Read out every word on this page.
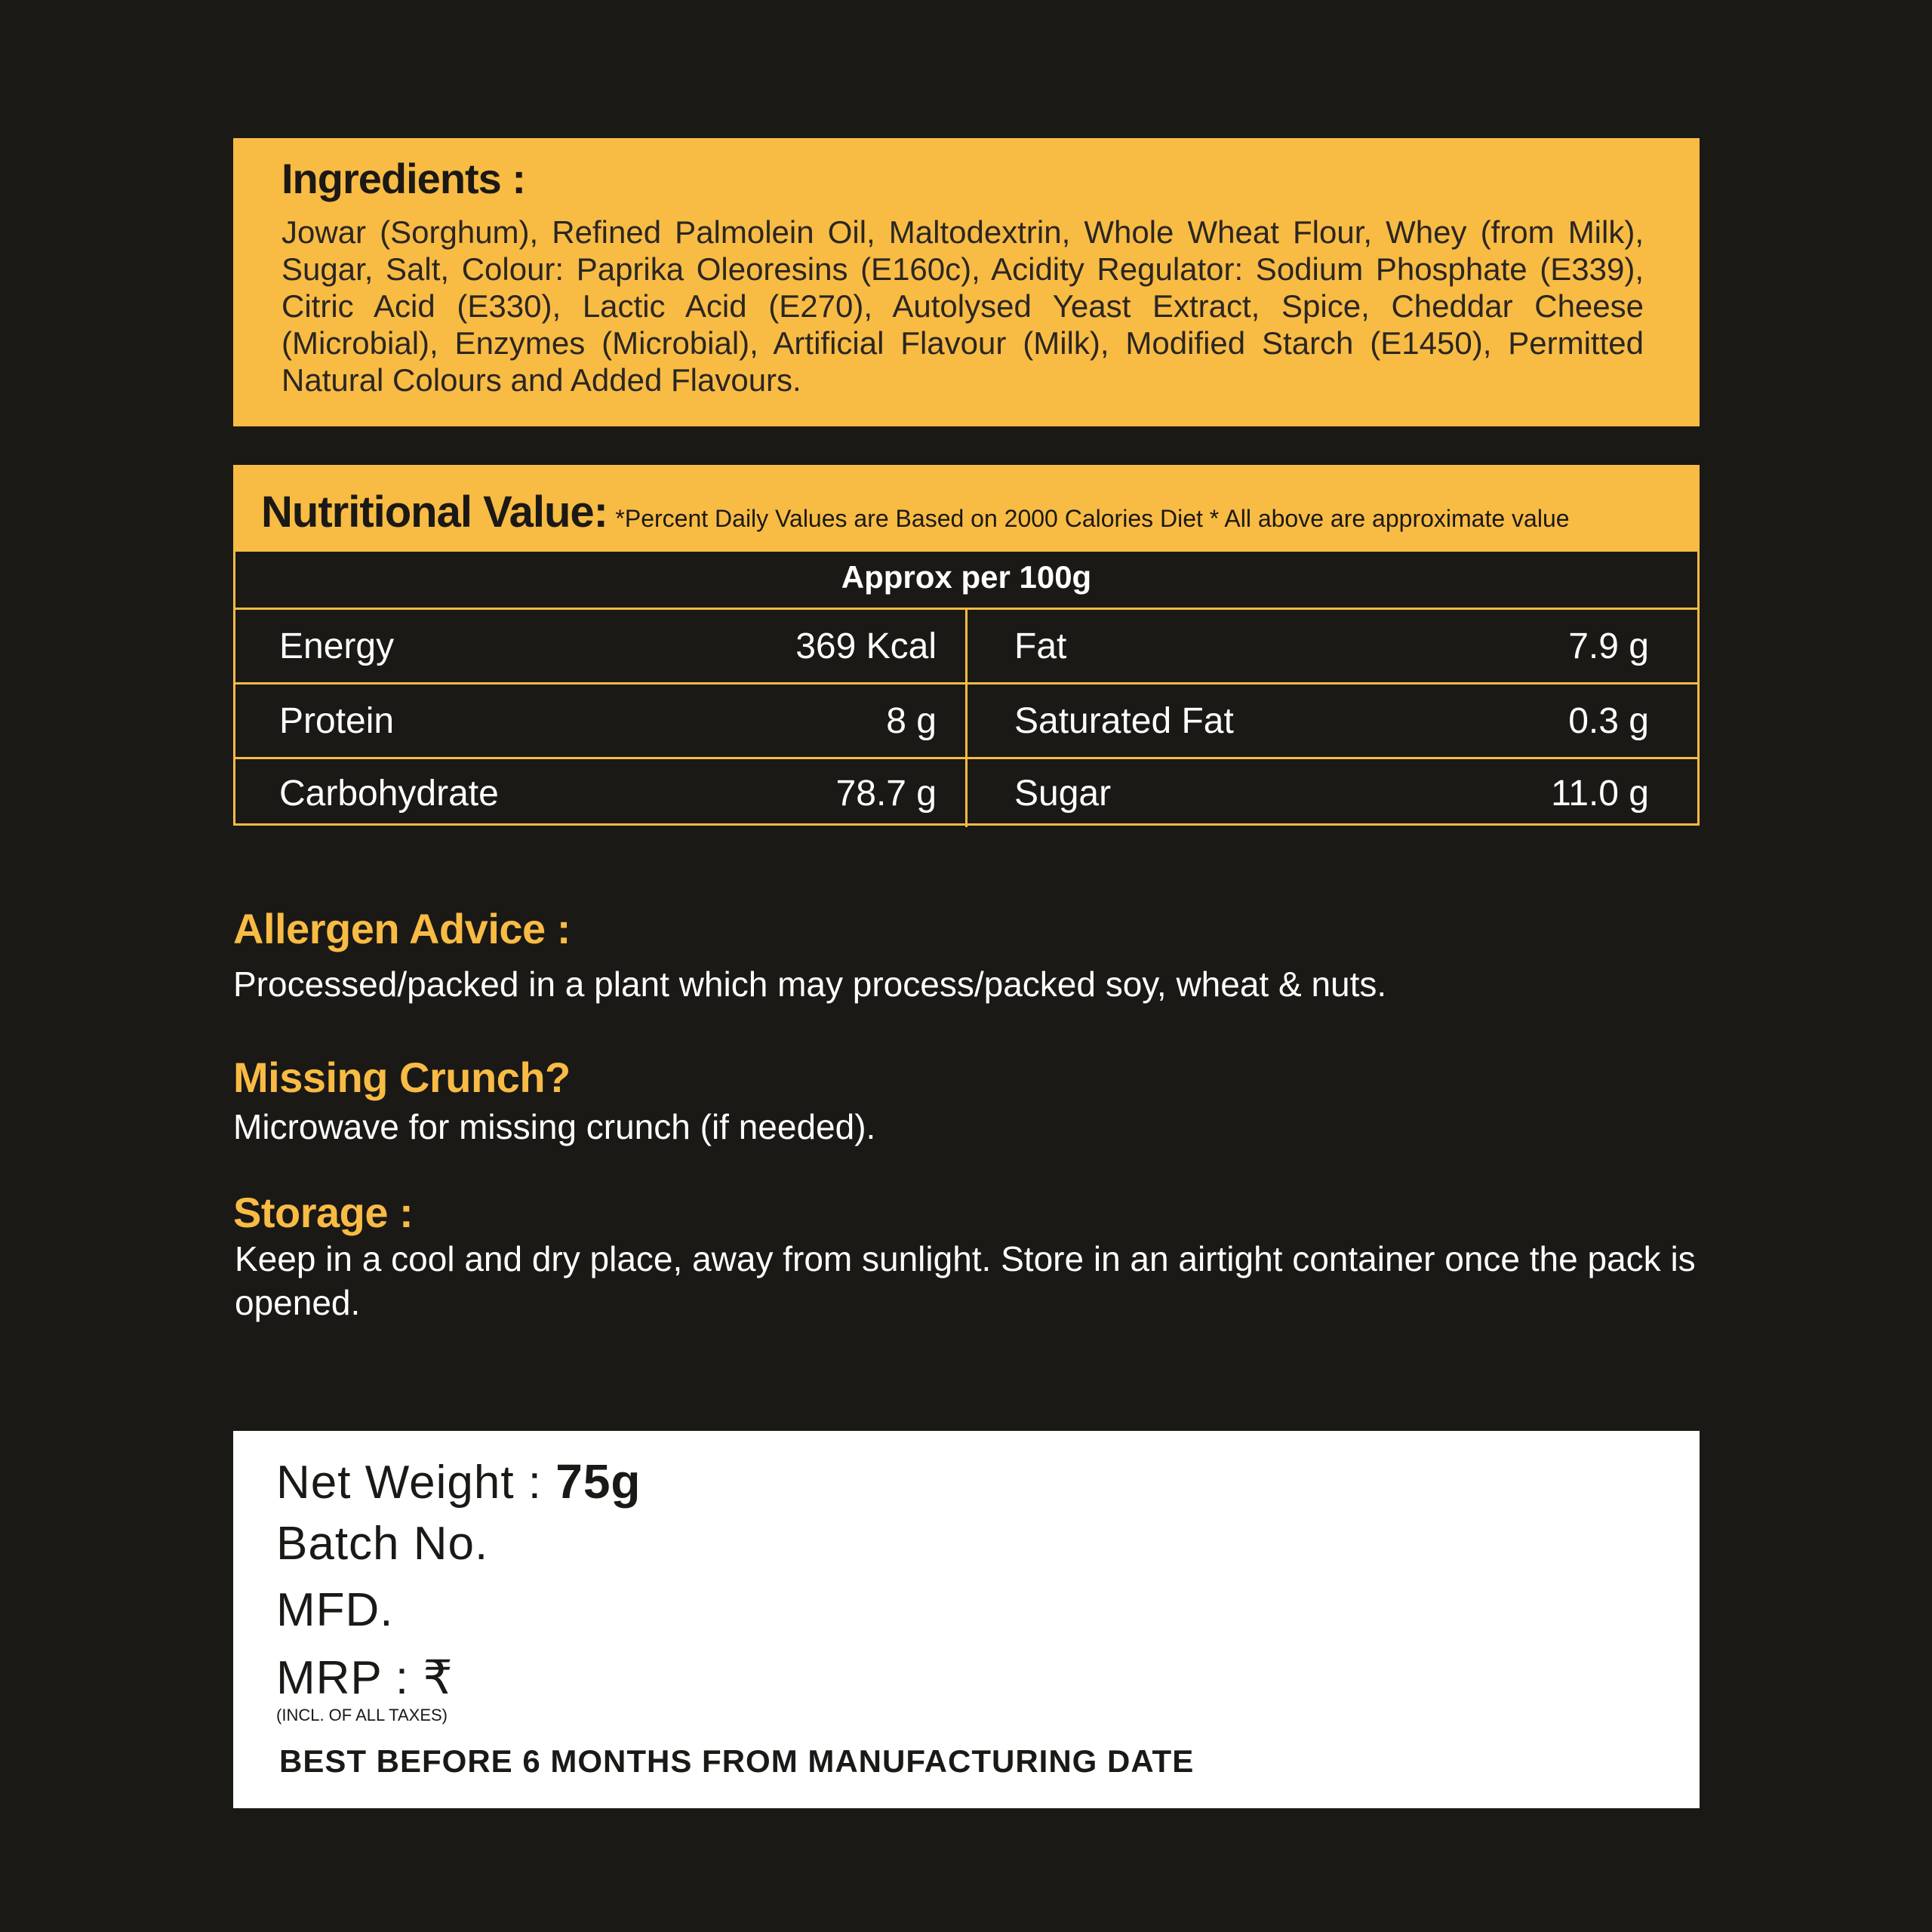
Ingredients :
Jowar (Sorghum), Refined Palmolein Oil, Maltodextrin, Whole Wheat Flour, Whey (from Milk), Sugar, Salt, Colour: Paprika Oleoresins (E160c), Acidity Regulator: Sodium Phosphate (E339), Citric Acid (E330), Lactic Acid (E270), Autolysed Yeast Extract, Spice, Cheddar Cheese (Microbial), Enzymes (Microbial), Artificial Flavour (Milk), Modified Starch (E1450), Permitted Natural Colours and Added Flavours.
Nutritional Value: *Percent Daily Values are Based on 2000 Calories Diet * All above are approximate value
Approx per 100g
Energy	369 Kcal Fat	7.9 g
Protein	8 g Saturated Fat	0.3 g
Carbohydrate	78.7 g Sugar	11.0 g
Allergen Advice :
Processed/packed in a plant which may process/packed soy, wheat & nuts.
Missing Crunch?
Microwave for missing crunch (if needed).
Storage :
Keep in a cool and dry place, away from sunlight. Store in an airtight container once the pack is opened.
Net Weight : 75g
Batch No.
MFD.
MRP : ₹
(INCL. OF ALL TAXES)
BEST BEFORE 6 MONTHS FROM MANUFACTURING DATE
